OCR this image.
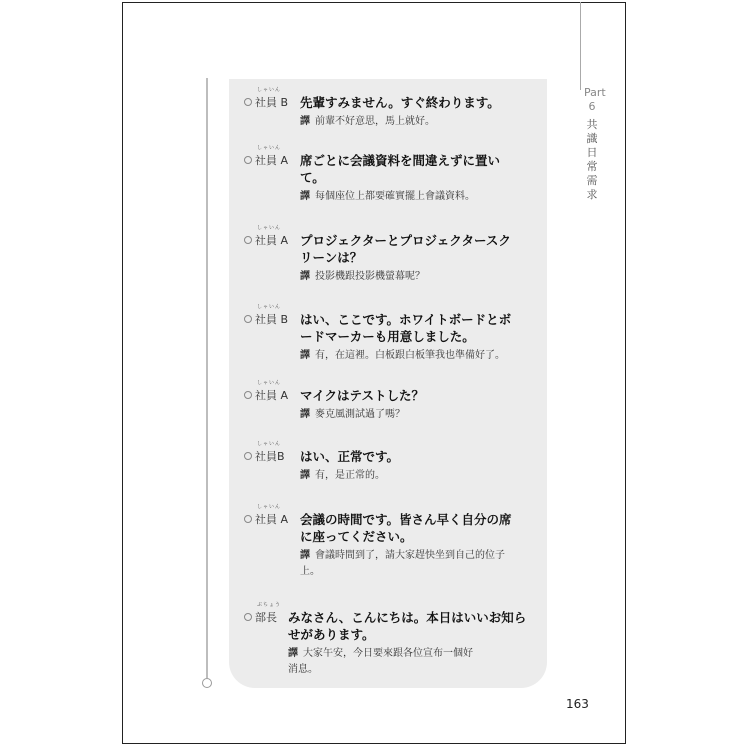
Part 6
共識日常需求
社員 B
しゃいん
先輩すみません。すぐ終わります。
譯 前輩不好意思，馬上就好。
社員 A
しゃいん
席ごとに会議資料を間違えずに置いて。
譯 每個座位上都要確實擺上會議資料。
社員 A
しゃいん
プロジェクターとプロジェクタースクリーンは？
譯 投影機跟投影機螢幕呢？
社員 B
しゃいん
はい、ここです。ホワイトボードとボードマーカーも用意しました。
譯 有，在這裡。白板跟白板筆我也準備好了。
社員 A
しゃいん
マイクはテストした？
譯 麥克風測試過了嗎？
社員B
しゃいん
はい、正常です。
譯 有，是正常的。
社員 A
しゃいん
会議の時間です。皆さん早く自分の席に座ってください。
譯 會議時間到了，請大家趕快坐到自己的位子上。
部長
ぶちょう
みなさん、こんにちは。本日はいいお知らせがあります。
譯 大家午安，今日要來跟各位宣布一個好消息。
163
